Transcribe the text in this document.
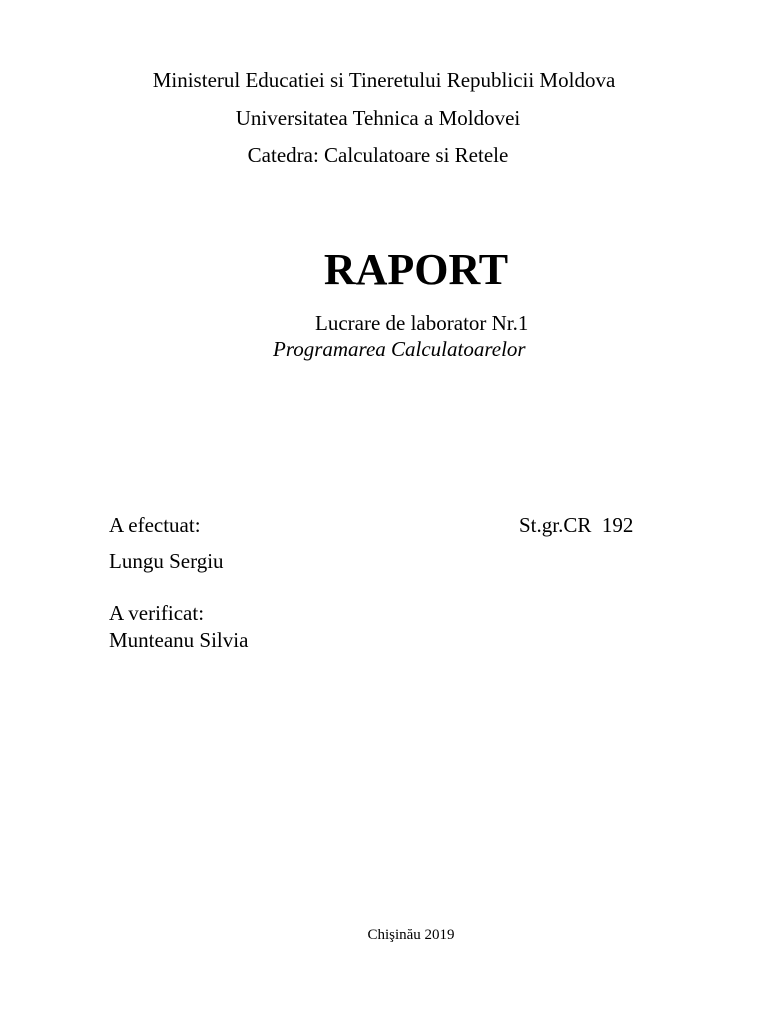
Ministerul Educatiei si Tineretului Republicii Moldova
Universitatea Tehnica a Moldovei
Catedra: Calculatoare si Retele
RAPORT
Lucrare de laborator Nr.1
Programarea Calculatoarelor
A efectuat:	St.gr.CR  192
Lungu Sergiu
A verificat:
Munteanu Silvia
Chişinău 2019
